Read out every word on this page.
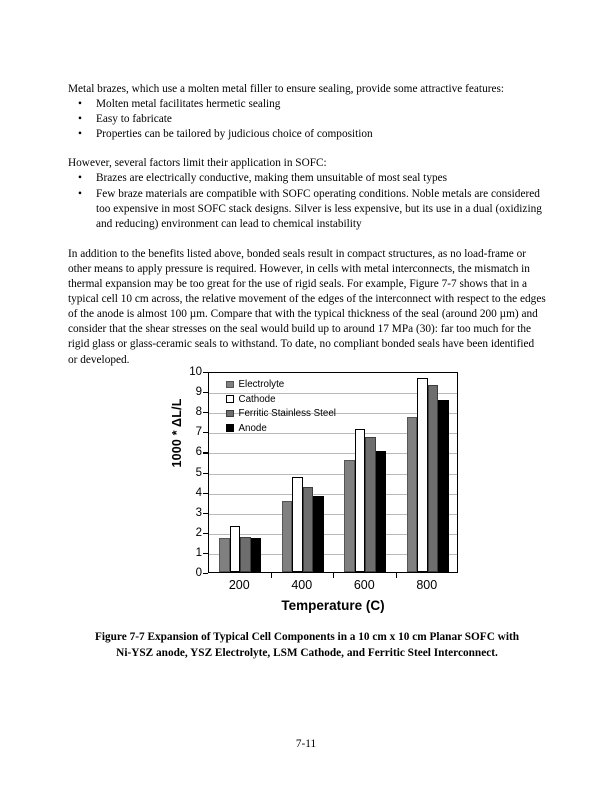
Metal brazes, which use a molten metal filler to ensure sealing, provide some attractive features:

• Molten metal facilitates hermetic sealing
• Easy to fabricate
• Properties can be tailored by judicious choice of composition

However, several factors limit their application in SOFC:

• Brazes are electrically conductive, making them unsuitable of most seal types
• Few braze materials are compatible with SOFC operating conditions. Noble metals are considered too expensive in most SOFC stack designs. Silver is less expensive, but its use in a dual (oxidizing and reducing) environment can lead to chemical instability

In addition to the benefits listed above, bonded seals result in compact structures, as no load-frame or other means to apply pressure is required. However, in cells with metal interconnects, the mismatch in thermal expansion may be too great for the use of rigid seals. For example, Figure 7-7 shows that in a typical cell 10 cm across, the relative movement of the edges of the interconnect with respect to the edges of the anode is almost 100 µm. Compare that with the typical thickness of the seal (around 200 µm) and consider that the shear stresses on the seal would build up to around 17 MPa (30): far too much for the rigid glass or glass-ceramic seals to withstand. To date, no compliant bonded seals have been identified or developed.

1000 * ΔL/L
10
9
8
7
6
5
4
3
2
1
0
200	400	600	800
Temperature (C)
Electrolyte
Cathode
Ferritic Stainless Steel
Anode
Figure 7-7 Expansion of Typical Cell Components in a 10 cm x 10 cm Planar SOFC with
Ni-YSZ anode, YSZ Electrolyte, LSM Cathode, and Ferritic Steel Interconnect.
7-11
